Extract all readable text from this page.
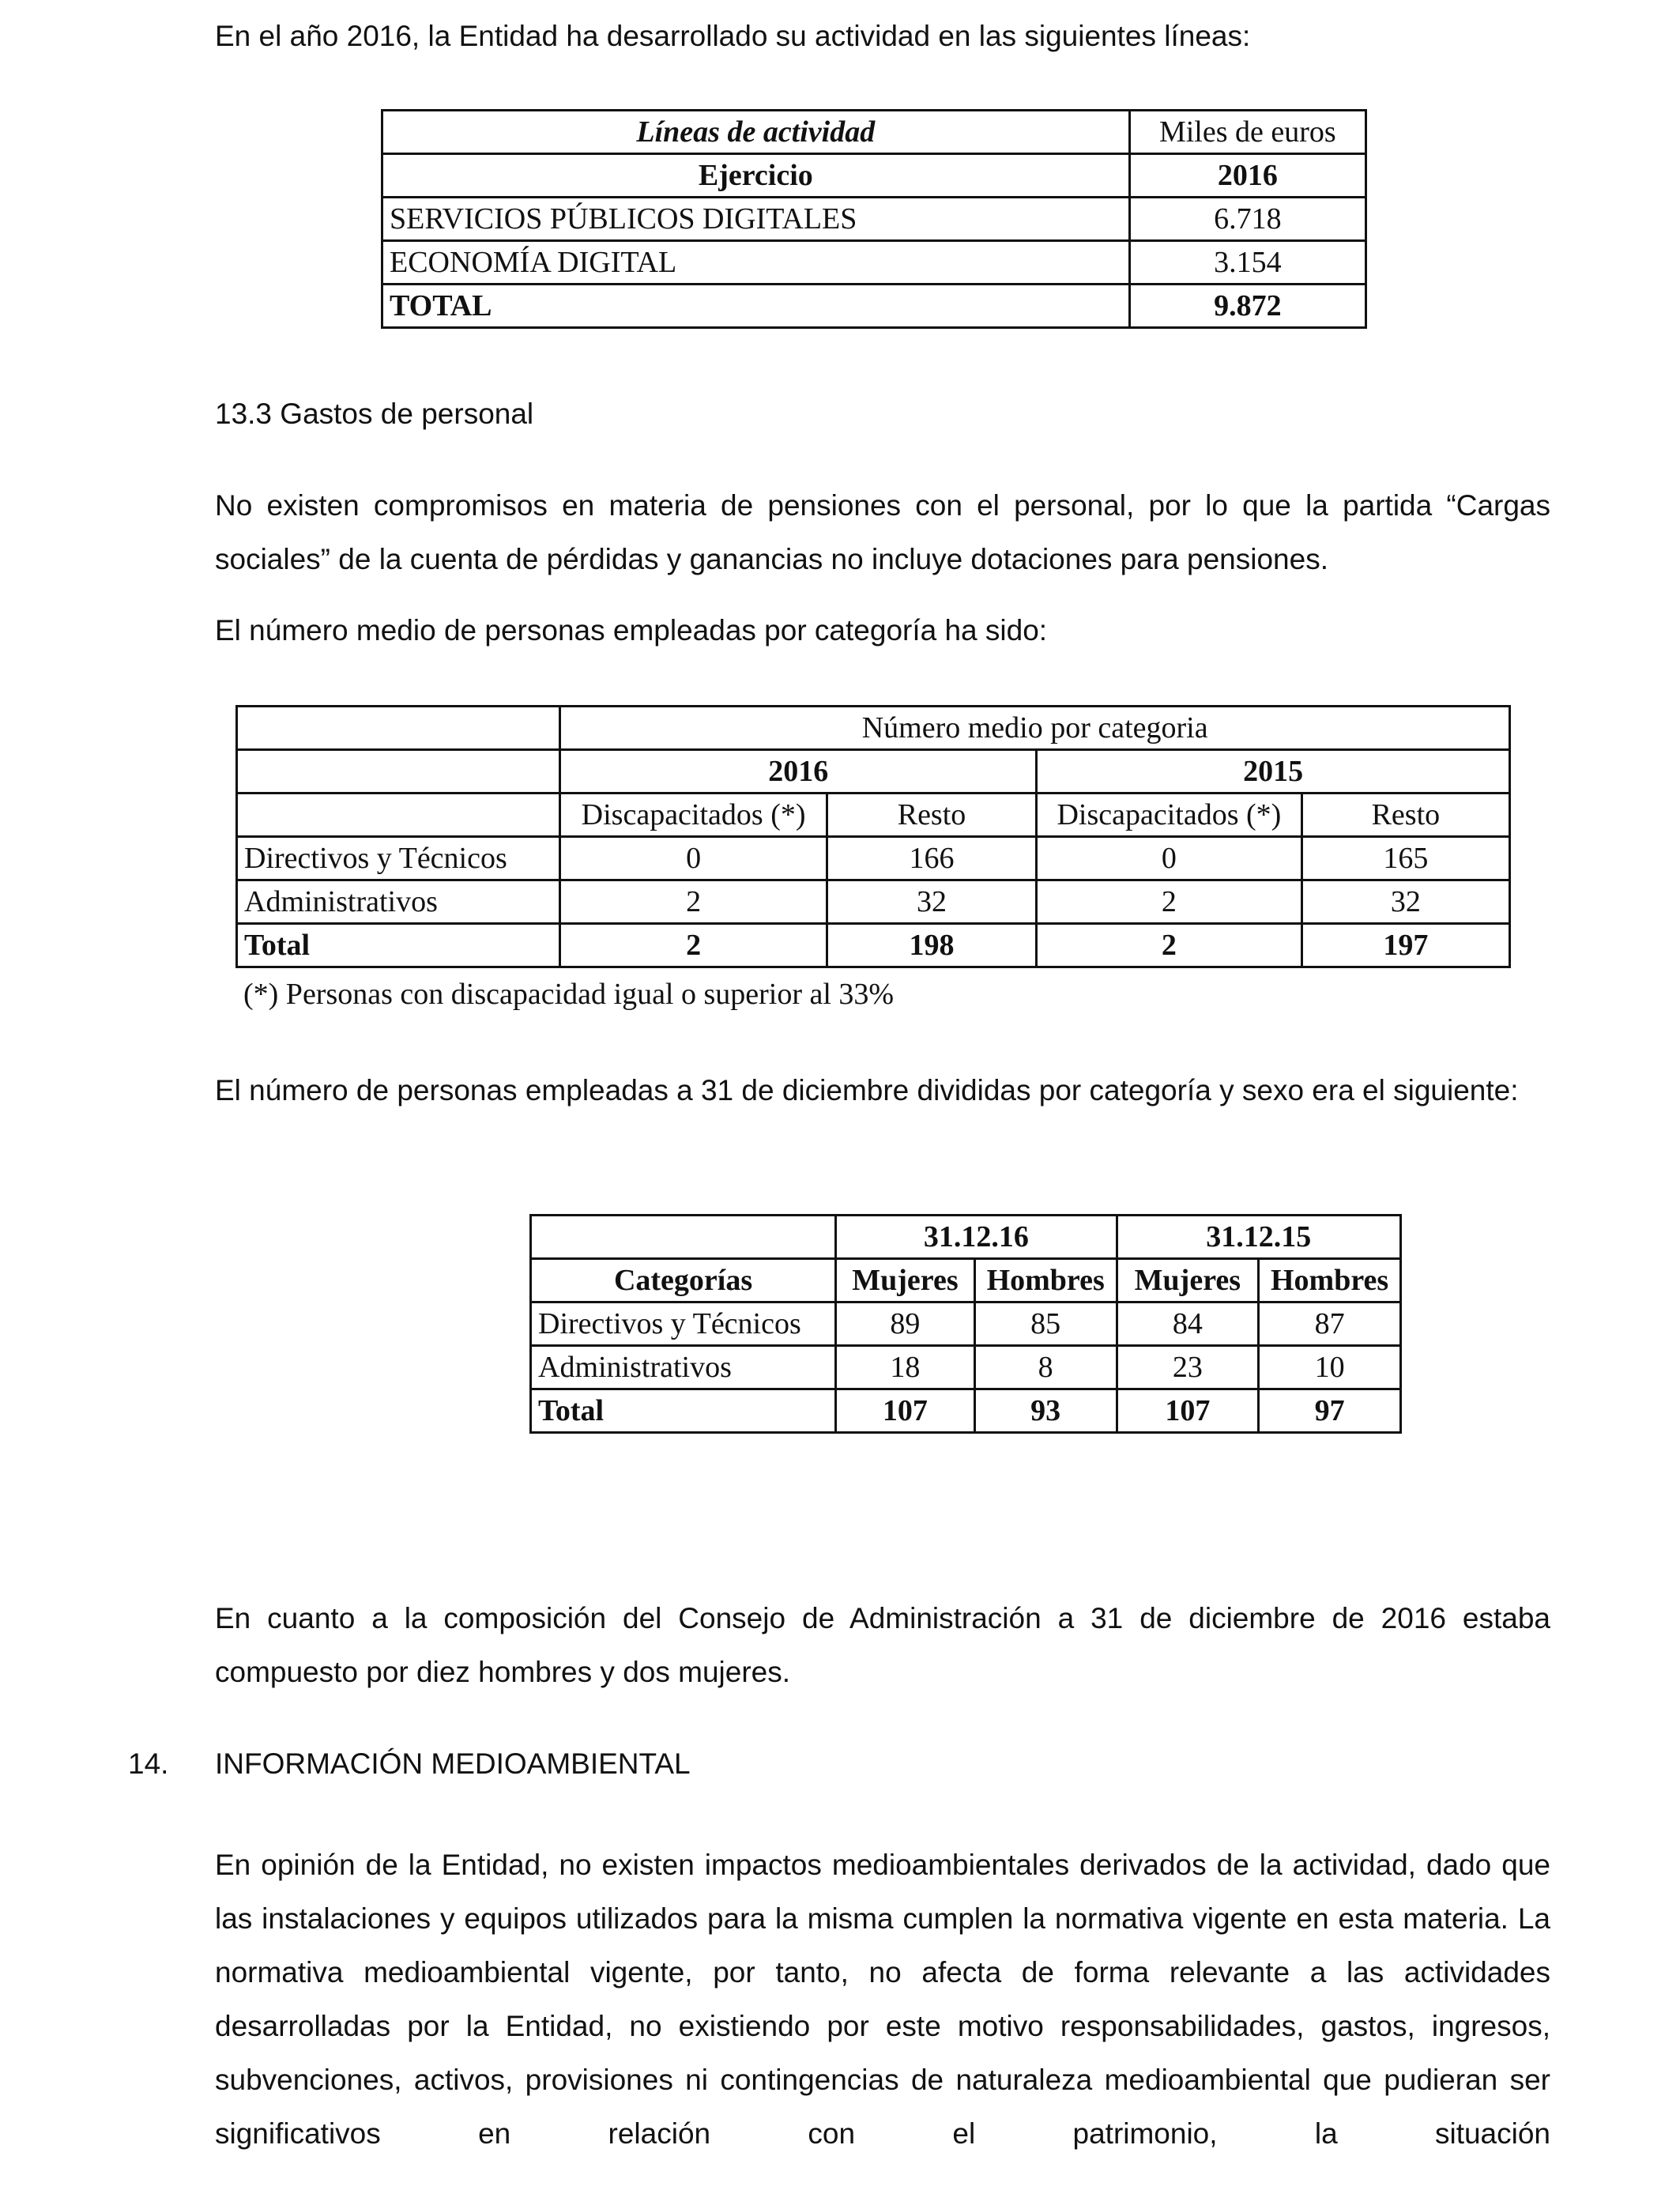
En el año 2016, la Entidad ha desarrollado su actividad en las siguientes líneas:

Líneas de actividad	Miles de euros
Ejercicio	2016
SERVICIOS PÚBLICOS DIGITALES	6.718
ECONOMÍA DIGITAL	3.154
TOTAL	9.872

13.3 Gastos de personal

No existen compromisos en materia de pensiones con el personal, por lo que la partida “Cargas sociales” de la cuenta de pérdidas y ganancias no incluye dotaciones para pensiones.

El número medio de personas empleadas por categoría ha sido:

	Número medio por categoria			
	2016		2015	
	Discapacitados (*)	Resto	Discapacitados (*)	Resto
Directivos y Técnicos	0	166	0	165
Administrativos	2	32	2	32
Total	2	198	2	197
(*) Personas con discapacidad igual o superior al 33%

El número de personas empleadas a 31 de diciembre divididas por categoría y sexo era el siguiente:

	31.12.16		31.12.15	
Categorías	Mujeres	Hombres	Mujeres	Hombres
Directivos y Técnicos	89	85	84	87
Administrativos	18	8	23	10
Total	107	93	107	97

En cuanto a la composición del Consejo de Administración a 31 de diciembre de 2016 estaba compuesto por diez hombres y dos mujeres.

14. INFORMACIÓN MEDIOAMBIENTAL

En opinión de la Entidad, no existen impactos medioambientales derivados de la actividad, dado que las instalaciones y equipos utilizados para la misma cumplen la normativa vigente en esta materia. La normativa medioambiental vigente, por tanto, no afecta de forma relevante a las actividades desarrolladas por la Entidad, no existiendo por este motivo responsabilidades, gastos, ingresos, subvenciones, activos, provisiones ni contingencias de naturaleza medioambiental que pudieran ser significativos en relación con el patrimonio, la situación
